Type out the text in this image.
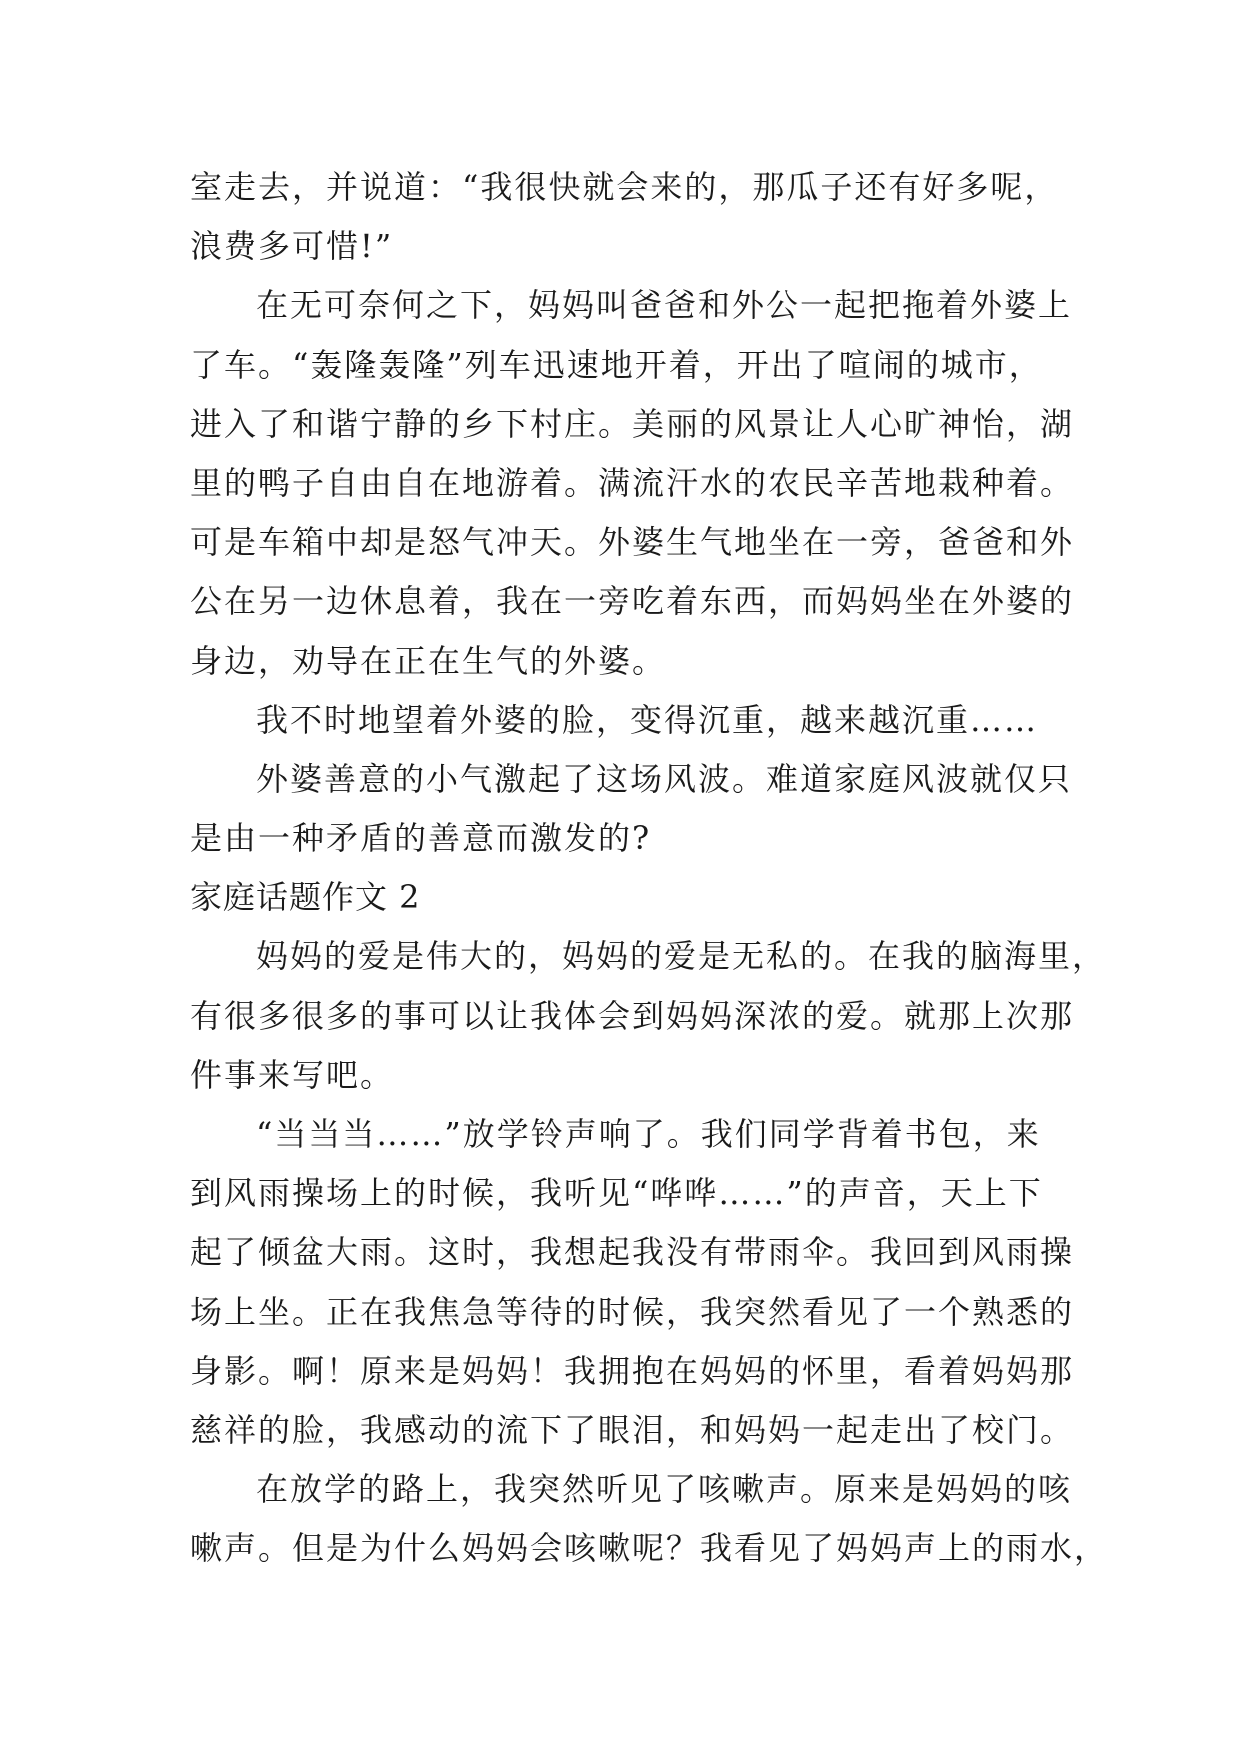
室走去，并说道：“我很快就会来的，那瓜子还有好多呢，
浪费多可惜!”
在无可奈何之下，妈妈叫爸爸和外公一起把拖着外婆上
了车。“轰隆轰隆”列车迅速地开着，开出了喧闹的城市，
进入了和谐宁静的乡下村庄。美丽的风景让人心旷神怡，湖
里的鸭子自由自在地游着。满流汗水的农民辛苦地栽种着。
可是车箱中却是怒气冲天。外婆生气地坐在一旁，爸爸和外
公在另一边休息着，我在一旁吃着东西，而妈妈坐在外婆的
身边，劝导在正在生气的外婆。
我不时地望着外婆的脸，变得沉重，越来越沉重……
外婆善意的小气激起了这场风波。难道家庭风波就仅只
是由一种矛盾的善意而激发的?
家庭话题作文 2
妈妈的爱是伟大的，妈妈的爱是无私的。在我的脑海里，
有很多很多的事可以让我体会到妈妈深浓的爱。就那上次那
件事来写吧。
“当当当……”放学铃声响了。我们同学背着书包，来
到风雨操场上的时候，我听见“哗哗……”的声音，天上下
起了倾盆大雨。这时，我想起我没有带雨伞。我回到风雨操
场上坐。正在我焦急等待的时候，我突然看见了一个熟悉的
身影。啊！原来是妈妈！我拥抱在妈妈的怀里，看着妈妈那
慈祥的脸，我感动的流下了眼泪，和妈妈一起走出了校门。
在放学的路上，我突然听见了咳嗽声。原来是妈妈的咳
嗽声。但是为什么妈妈会咳嗽呢？我看见了妈妈声上的雨水，
